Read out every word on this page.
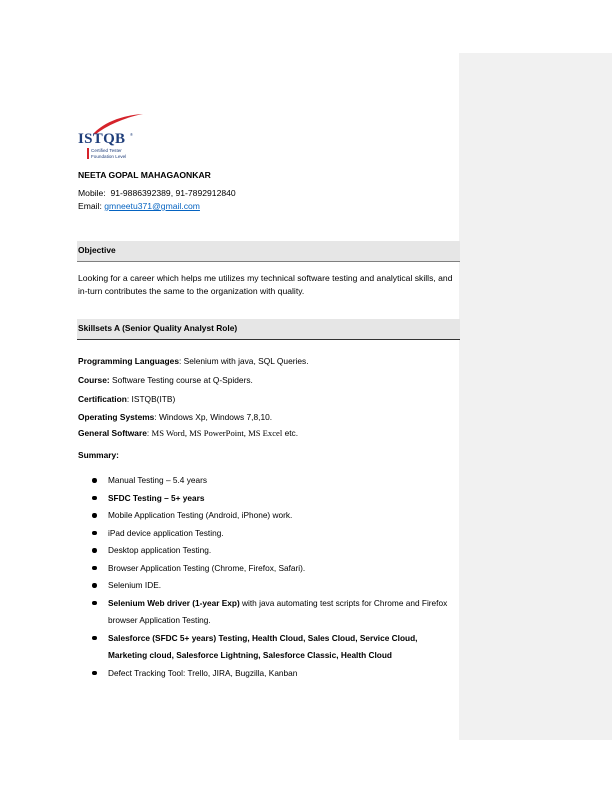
ISTQB ®
Certified Tester
Foundation Level
NEETA GOPAL MAHAGAONKAR
Mobile: 91-9886392389, 91-7892912840
Email: gmneetu371@gmail.com
Objective
Looking for a career which helps me utilizes my technical software testing and analytical skills, and in-turn contributes the same to the organization with quality.
Skillsets A (Senior Quality Analyst Role)
Programming Languages: Selenium with java, SQL Queries.
Course: Software Testing course at Q-Spiders.
Certification: ISTQB(ITB)
Operating Systems: Windows Xp, Windows 7,8,10.
General Software: MS Word, MS PowerPoint, MS Excel etc.
Summary:
Manual Testing – 5.4 years
SFDC Testing – 5+ years
Mobile Application Testing (Android, iPhone) work.
iPad device application Testing.
Desktop application Testing.
Browser Application Testing (Chrome, Firefox, Safari).
Selenium IDE.
Selenium Web driver (1-year Exp) with java automating test scripts for Chrome and Firefox browser Application Testing.
Salesforce (SFDC 5+ years) Testing, Health Cloud, Sales Cloud, Service Cloud, Marketing cloud, Salesforce Lightning, Salesforce Classic, Health Cloud
Defect Tracking Tool: Trello, JIRA, Bugzilla, Kanban
